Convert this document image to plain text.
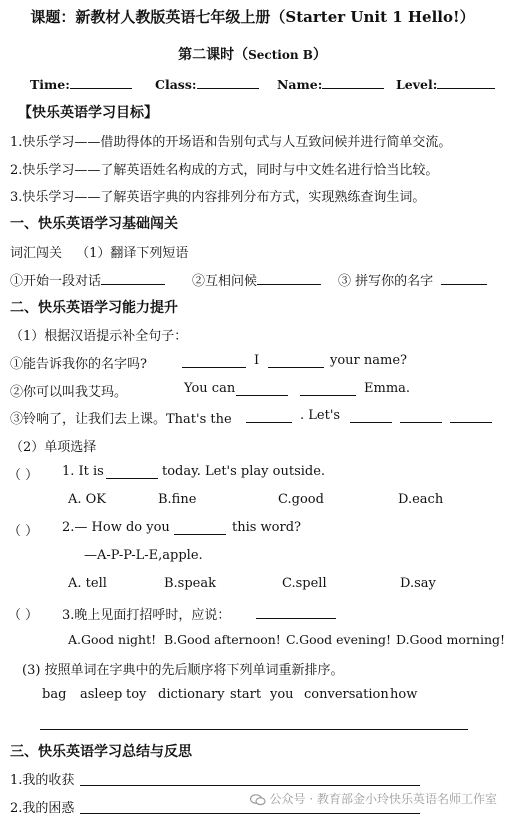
课题：新教材人教版英语七年级上册（Starter Unit 1 Hello!）
第二课时（Section B）
Time:	Class:	Name:	Level:
【快乐英语学习目标】
1.快乐学习——借助得体的开场语和告别句式与人互致问候并进行简单交流。
2.快乐学习——了解英语姓名构成的方式，同时与中文姓名进行恰当比较。
3.快乐学习——了解英语字典的内容排列分布方式，实现熟练查询生词。
一、快乐英语学习基础闯关
词汇闯关 （1）翻译下列短语
①开始一段对话	②互相问候	③ 拼写你的名字
二、快乐英语学习能力提升
（1）根据汉语提示补全句子：
①能告诉我你的名字吗?	I	your name?
②你可以叫我艾玛。	You can	Emma.
③铃响了，让我们去上课。That's the	. Let's
（2）单项选择
（ ） 1. It is	today. Let's play outside.
A. OK	B.fine	C.good	D.each
（ ） 2.— How do you	this word?
—A-P-P-L-E,apple.
A. tell	B.speak	C.spell	D.say
（ ） 3.晚上见面打招呼时，应说：
A.Good night! B.Good afternoon! C.Good evening! D.Good morning!
(3) 按照单词在字典中的先后顺序将下列单词重新排序。
bag asleep toy dictionary start you conversation how
三、快乐英语学习总结与反思
1.我的收获
2.我的困惑
公众号 · 教育部金小玲快乐英语名师工作室
